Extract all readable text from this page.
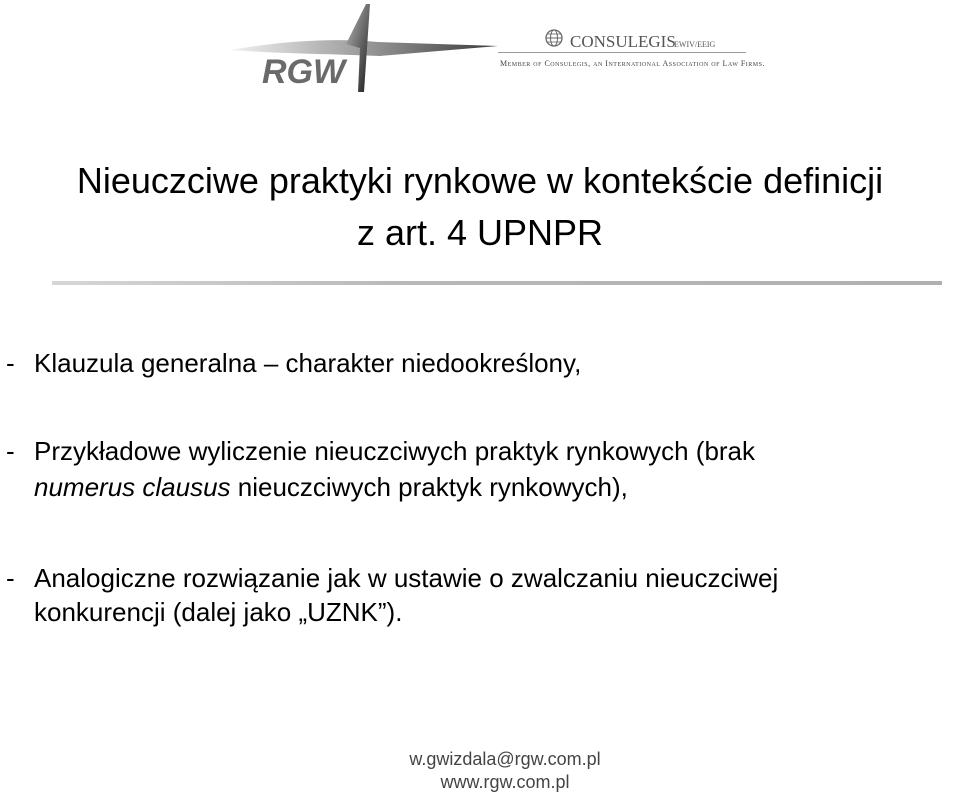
RGW
CONSULEGIS
EWIV/EEIG
Member of Consulegis, an International Association of Law Firms.
Nieuczciwe praktyki rynkowe w kontekście definicji
z art. 4 UPNPR
- Klauzula generalna – charakter niedookreślony,
- Przykładowe wyliczenie nieuczciwych praktyk rynkowych (brak
numerus clausus nieuczciwych praktyk rynkowych),
- Analogiczne rozwiązanie jak w ustawie o zwalczaniu nieuczciwej
konkurencji (dalej jako „UZNK”).
w.gwizdala@rgw.com.pl
www.rgw.com.pl
